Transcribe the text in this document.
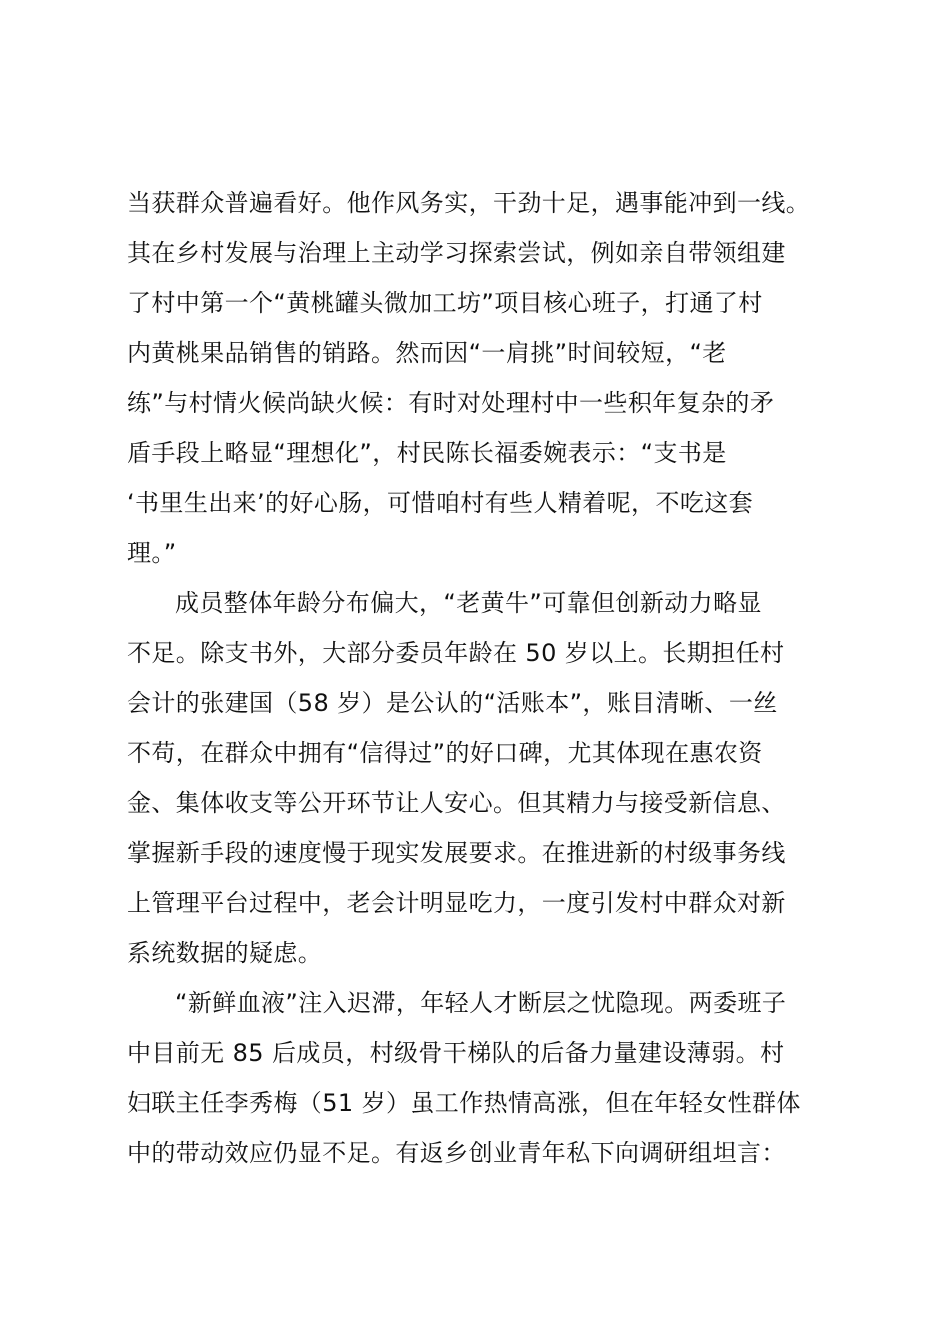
当获群众普遍看好。他作风务实，干劲十足，遇事能冲到一线。
其在乡村发展与治理上主动学习探索尝试，例如亲自带领组建
了村中第一个“黄桃罐头微加工坊”项目核心班子，打通了村
内黄桃果品销售的销路。然而因“一肩挑”时间较短，“老
练”与村情火候尚缺火候：有时对处理村中一些积年复杂的矛
盾手段上略显“理想化”，村民陈长福委婉表示：“支书是
‘书里生出来’的好心肠，可惜咱村有些人精着呢，不吃这套
理。”
成员整体年龄分布偏大，“老黄牛”可靠但创新动力略显
不足。除支书外，大部分委员年龄在 50 岁以上。长期担任村
会计的张建国（58 岁）是公认的“活账本”，账目清晰、一丝
不苟，在群众中拥有“信得过”的好口碑，尤其体现在惠农资
金、集体收支等公开环节让人安心。但其精力与接受新信息、
掌握新手段的速度慢于现实发展要求。在推进新的村级事务线
上管理平台过程中，老会计明显吃力，一度引发村中群众对新
系统数据的疑虑。
“新鲜血液”注入迟滞，年轻人才断层之忧隐现。两委班子
中目前无 85 后成员，村级骨干梯队的后备力量建设薄弱。村
妇联主任李秀梅（51 岁）虽工作热情高涨，但在年轻女性群体
中的带动效应仍显不足。有返乡创业青年私下向调研组坦言：
